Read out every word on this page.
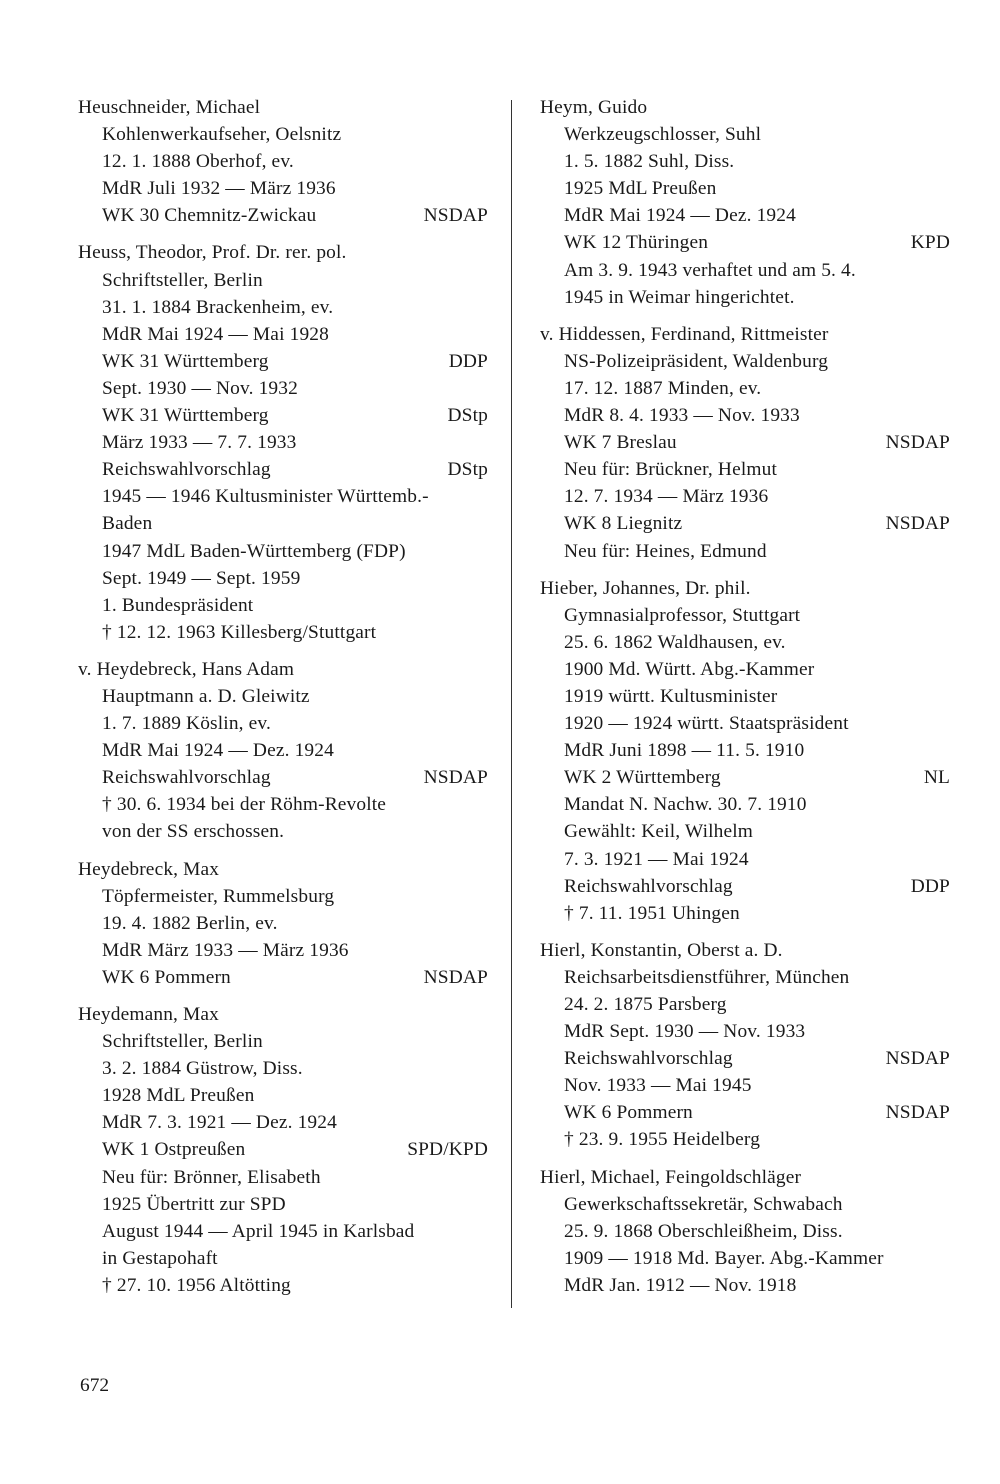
Heuschneider, Michael
Kohlenwerkaufseher, Oelsnitz
12. 1. 1888 Oberhof, ev.
MdR Juli 1932 — März 1936
WK 30 Chemnitz-Zwickau	NSDAP
Heuss, Theodor, Prof. Dr. rer. pol.
Schriftsteller, Berlin
31. 1. 1884 Brackenheim, ev.
MdR Mai 1924 — Mai 1928
WK 31 Württemberg	DDP
Sept. 1930 — Nov. 1932
WK 31 Württemberg	DStp
März 1933 — 7. 7. 1933
Reichswahlvorschlag	DStp
1945 — 1946 Kultusminister Württemb.-
Baden
1947 MdL Baden-Württemberg (FDP)
Sept. 1949 — Sept. 1959
1. Bundespräsident
† 12. 12. 1963 Killesberg/Stuttgart
v. Heydebreck, Hans Adam
Hauptmann a. D. Gleiwitz
1. 7. 1889 Köslin, ev.
MdR Mai 1924 — Dez. 1924
Reichswahlvorschlag	NSDAP
† 30. 6. 1934 bei der Röhm-Revolte
von der SS erschossen.
Heydebreck, Max
Töpfermeister, Rummelsburg
19. 4. 1882 Berlin, ev.
MdR März 1933 — März 1936
WK 6 Pommern	NSDAP
Heydemann, Max
Schriftsteller, Berlin
3. 2. 1884 Güstrow, Diss.
1928 MdL Preußen
MdR 7. 3. 1921 — Dez. 1924
WK 1 Ostpreußen	SPD/KPD
Neu für: Brönner, Elisabeth
1925 Übertritt zur SPD
August 1944 — April 1945 in Karlsbad
in Gestapohaft
† 27. 10. 1956 Altötting
Heym, Guido
Werkzeugschlosser, Suhl
1. 5. 1882 Suhl, Diss.
1925 MdL Preußen
MdR Mai 1924 — Dez. 1924
WK 12 Thüringen	KPD
Am 3. 9. 1943 verhaftet und am 5. 4.
1945 in Weimar hingerichtet.
v. Hiddessen, Ferdinand, Rittmeister
NS-Polizeipräsident, Waldenburg
17. 12. 1887 Minden, ev.
MdR 8. 4. 1933 — Nov. 1933
WK 7 Breslau	NSDAP
Neu für: Brückner, Helmut
12. 7. 1934 — März 1936
WK 8 Liegnitz	NSDAP
Neu für: Heines, Edmund
Hieber, Johannes, Dr. phil.
Gymnasialprofessor, Stuttgart
25. 6. 1862 Waldhausen, ev.
1900 Md. Württ. Abg.-Kammer
1919 württ. Kultusminister
1920 — 1924 württ. Staatspräsident
MdR Juni 1898 — 11. 5. 1910
WK 2 Württemberg	NL
Mandat N. Nachw. 30. 7. 1910
Gewählt: Keil, Wilhelm
7. 3. 1921 — Mai 1924
Reichswahlvorschlag	DDP
† 7. 11. 1951 Uhingen
Hierl, Konstantin, Oberst a. D.
Reichsarbeitsdienstführer, München
24. 2. 1875 Parsberg
MdR Sept. 1930 — Nov. 1933
Reichswahlvorschlag	NSDAP
Nov. 1933 — Mai 1945
WK 6 Pommern	NSDAP
† 23. 9. 1955 Heidelberg
Hierl, Michael, Feingoldschläger
Gewerkschaftssekretär, Schwabach
25. 9. 1868 Oberschleißheim, Diss.
1909 — 1918 Md. Bayer. Abg.-Kammer
MdR Jan. 1912 — Nov. 1918
672
